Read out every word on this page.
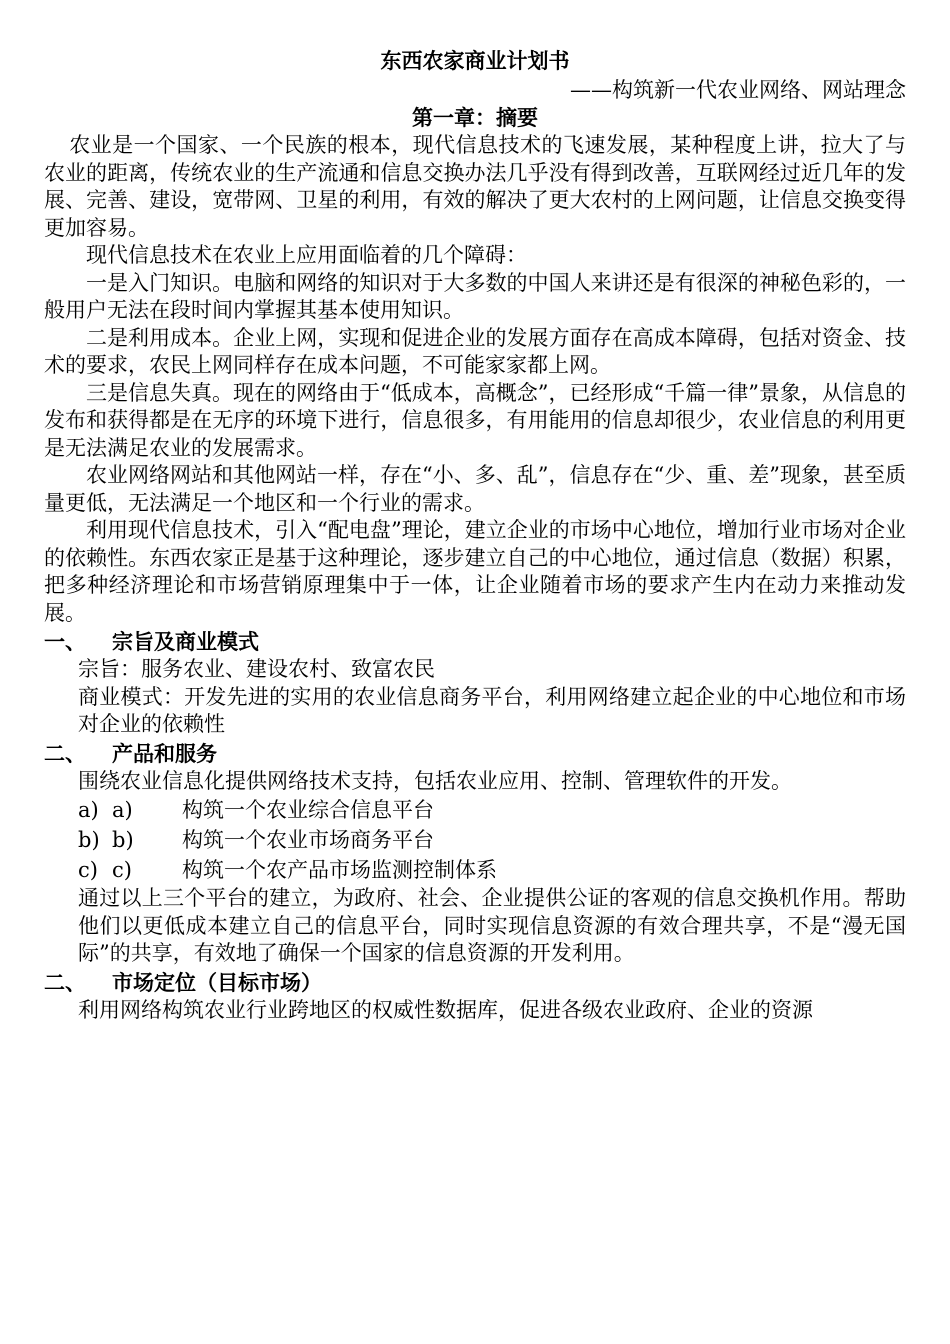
东西农家商业计划书
——构筑新一代农业网络、网站理念
第一章：摘要

农业是一个国家、一个民族的根本，现代信息技术的飞速发展，某种程度上讲，拉大了与农业的距离，传统农业的生产流通和信息交换办法几乎没有得到改善，互联网经过近几年的发展、完善、建设，宽带网、卫星的利用，有效的解决了更大农村的上网问题，让信息交换变得更加容易。

现代信息技术在农业上应用面临着的几个障碍：

一是入门知识。电脑和网络的知识对于大多数的中国人来讲还是有很深的神秘色彩的，一般用户无法在段时间内掌握其基本使用知识。

二是利用成本。企业上网，实现和促进企业的发展方面存在高成本障碍，包括对资金、技术的要求，农民上网同样存在成本问题，不可能家家都上网。

三是信息失真。现在的网络由于“低成本，高概念”，已经形成“千篇一律”景象，从信息的发布和获得都是在无序的环境下进行，信息很多，有用能用的信息却很少，农业信息的利用更是无法满足农业的发展需求。

农业网络网站和其他网站一样，存在“小、多、乱”，信息存在“少、重、差”现象，甚至质量更低，无法满足一个地区和一个行业的需求。

利用现代信息技术，引入“配电盘”理论，建立企业的市场中心地位，增加行业市场对企业的依赖性。东西农家正是基于这种理论，逐步建立自己的中心地位，通过信息（数据）积累，把多种经济理论和市场营销原理集中于一体，让企业随着市场的要求产生内在动力来推动发展。

一、	宗旨及商业模式

宗旨：服务农业、建设农村、致富农民

商业模式：开发先进的实用的农业信息商务平台，利用网络建立起企业的中心地位和市场对企业的依赖性

二、	产品和服务

围绕农业信息化提供网络技术支持，包括农业应用、控制、管理软件的开发。

a) a)	构筑一个农业综合信息平台
b) b)	构筑一个农业市场商务平台
c) c)	构筑一个农产品市场监测控制体系

通过以上三个平台的建立，为政府、社会、企业提供公证的客观的信息交换机作用。帮助他们以更低成本建立自己的信息平台，同时实现信息资源的有效合理共享，不是“漫无国际”的共享，有效地了确保一个国家的信息资源的开发利用。

二、	市场定位（目标市场）

利用网络构筑农业行业跨地区的权威性数据库，促进各级农业政府、企业的资源
